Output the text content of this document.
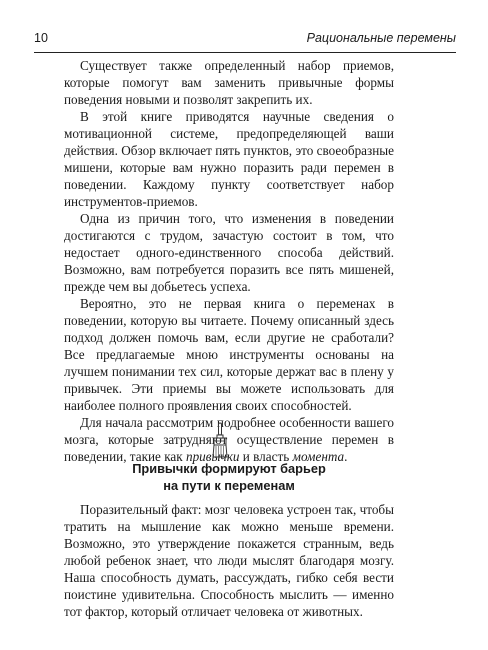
10	Рациональные перемены

Существует также определенный набор приемов, которые помогут вам заменить привычные формы поведения новыми и позволят закрепить их.

В этой книге приводятся научные сведения о мотивационной системе, предопределяющей ваши действия. Обзор включает пять пунктов, это своеобразные мишени, которые вам нужно поразить ради перемен в поведении. Каждому пункту соответствует набор инструментов-приемов.

Одна из причин того, что изменения в поведении достигаются с трудом, зачастую состоит в том, что недостает одного-единственного способа действий. Возможно, вам потребуется поразить все пять мишеней, прежде чем вы добьетесь успеха.

Вероятно, это не первая книга о переменах в поведении, которую вы читаете. Почему описанный здесь подход должен помочь вам, если другие не сработали? Все предлагаемые мною инструменты основаны на лучшем понимании тех сил, которые держат вас в плену у привычек. Эти приемы вы можете использовать для наиболее полного проявления своих способностей.

Для начала рассмотрим подробнее особенности вашего мозга, которые затрудняют осуществление перемен в поведении, такие как привычки и власть момента.

Привычки формируют барьер
на пути к переменам

Поразительный факт: мозг человека устроен так, чтобы тратить на мышление как можно меньше времени. Возможно, это утверждение покажется странным, ведь любой ребенок знает, что люди мыслят благодаря мозгу. Наша способность думать, рассуждать, гибко себя вести поистине удивительна. Способность мыслить — именно тот фактор, который отличает человека от животных.
